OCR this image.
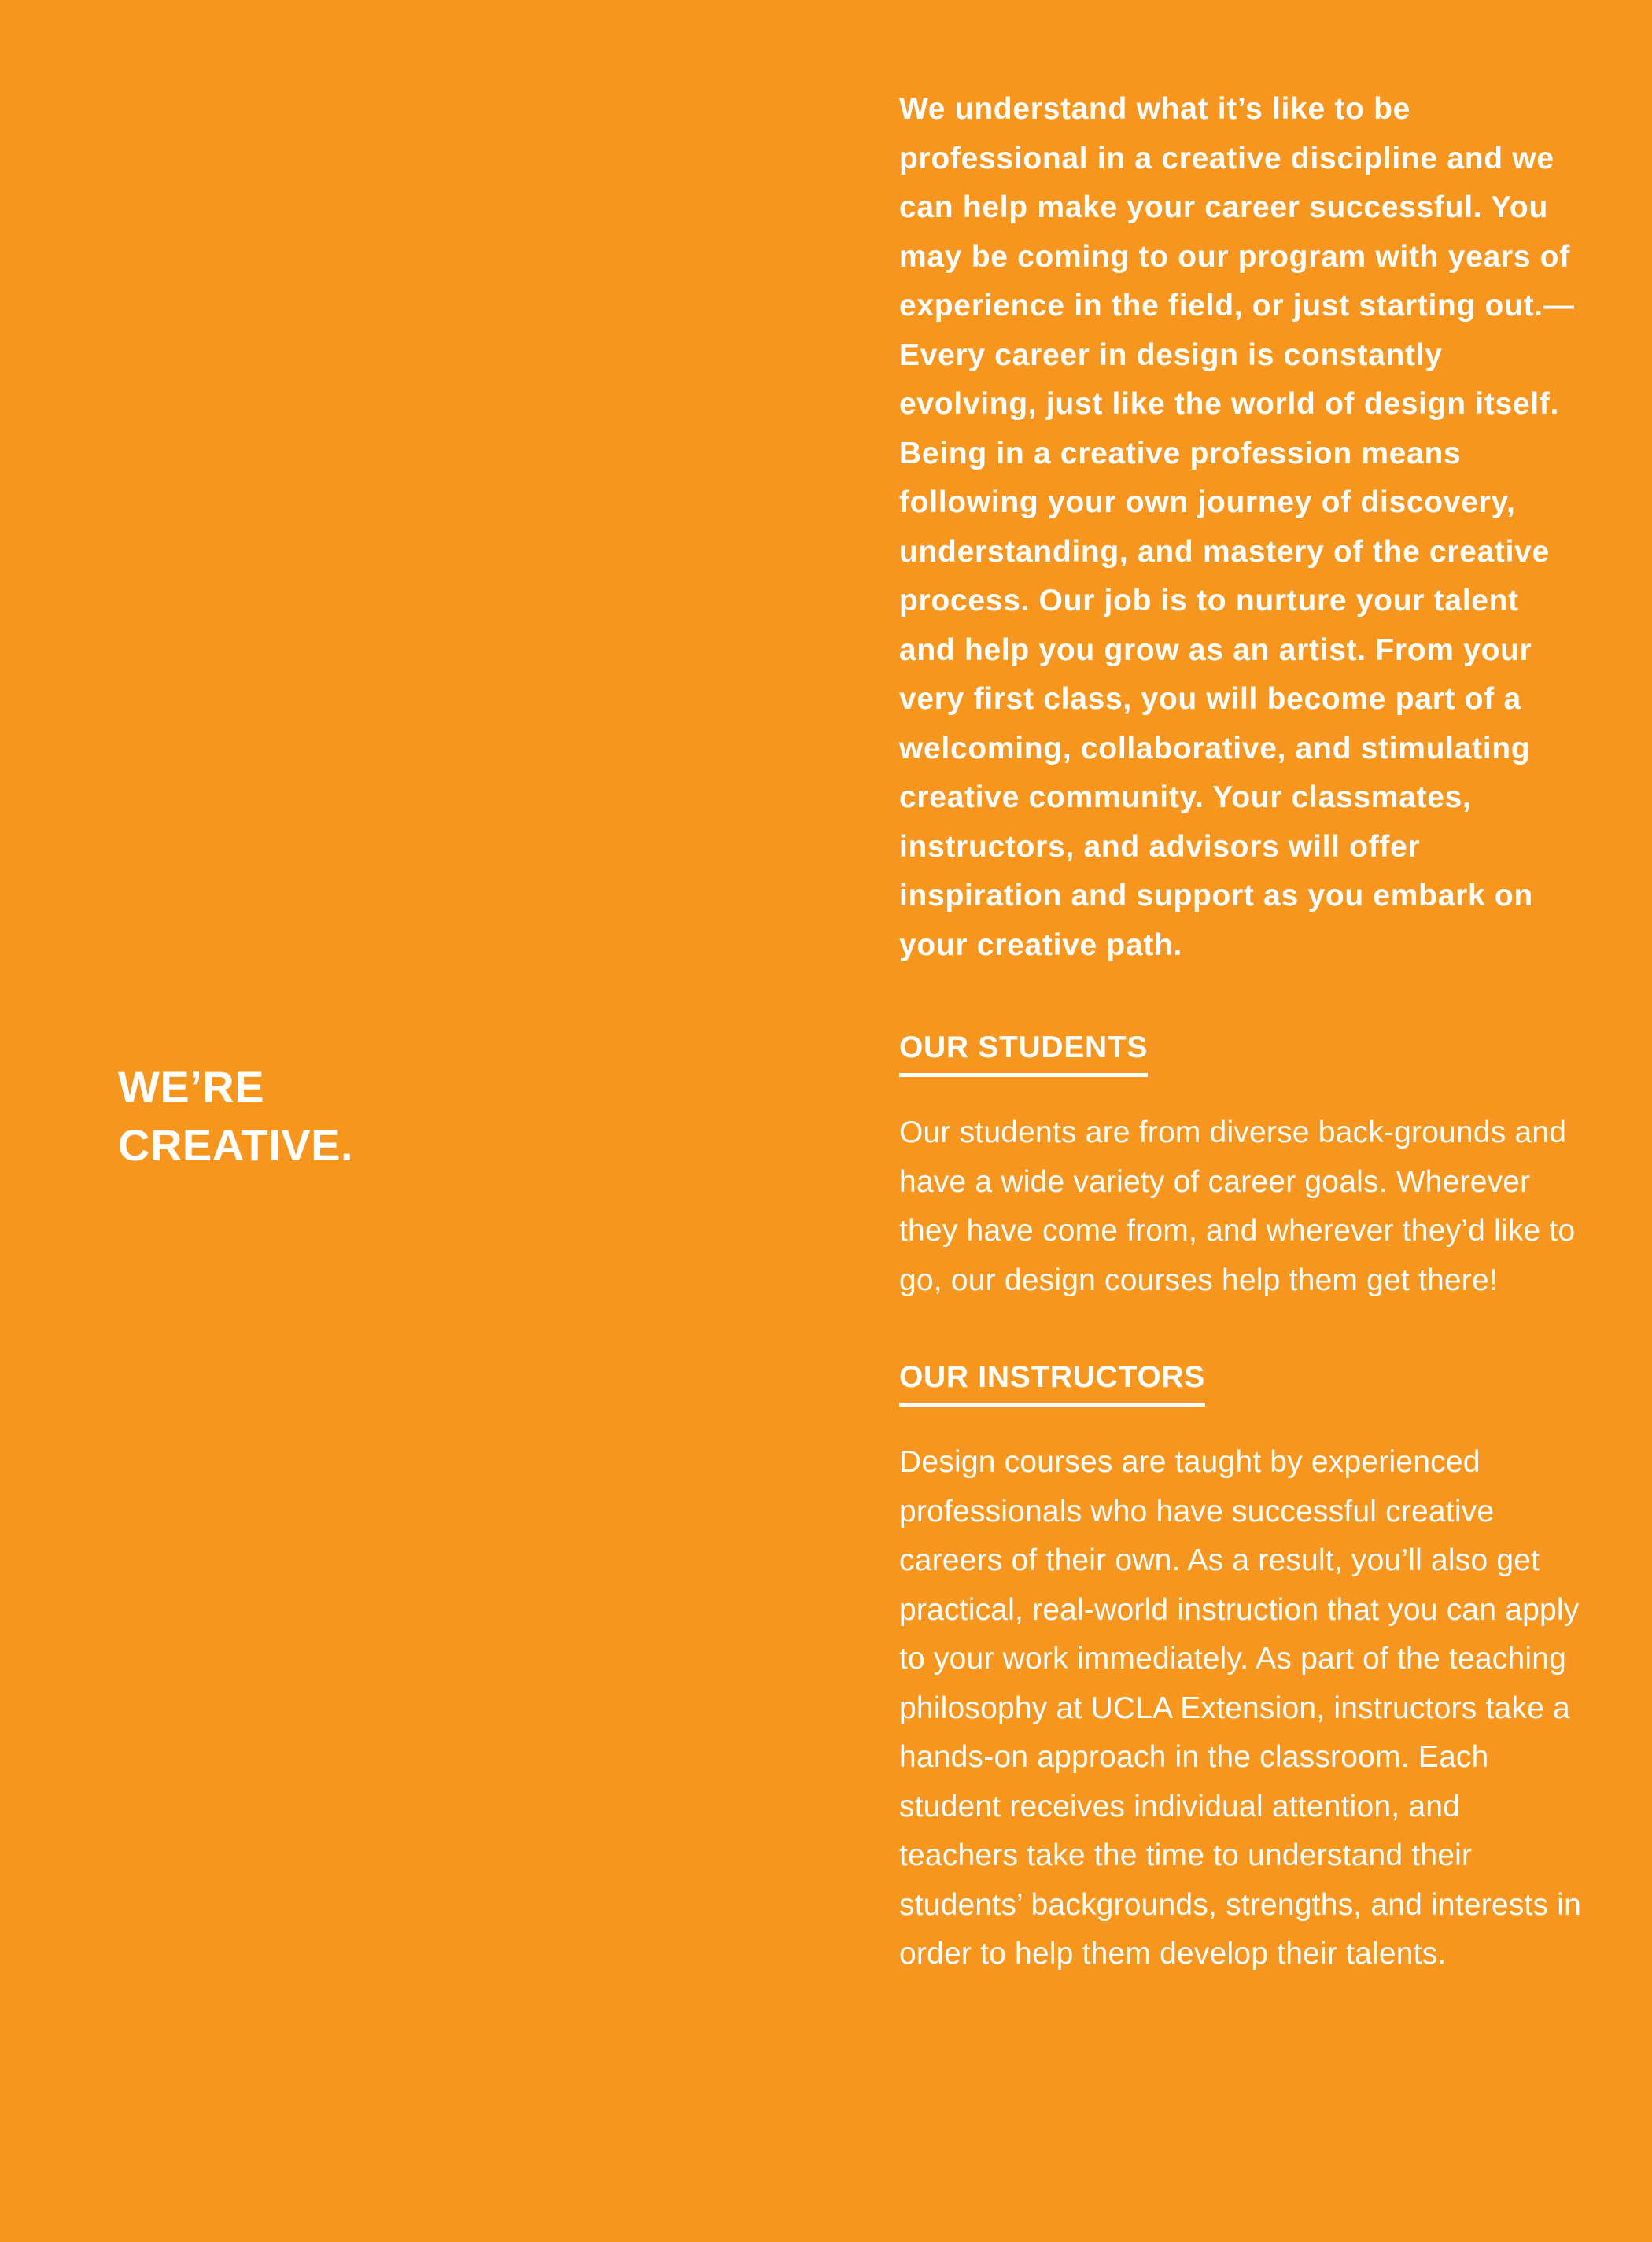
WE’RE
CREATIVE.

We understand what it’s like to be professional in a creative discipline and we can help make your career successful. You may be coming to our program with years of experience in the field, or just starting out.—Every career in design is constantly evolving, just like the world of design itself. Being in a creative profession means following your own journey of discovery, understanding, and mastery of the creative process. Our job is to nurture your talent and help you grow as an artist. From your very first class, you will become part of a welcoming, collaborative, and stimulating creative community. Your classmates, instructors, and advisors will offer inspiration and support as you embark on your creative path.

OUR STUDENTS

Our students are from diverse back-grounds and have a wide variety of career goals. Wherever they have come from, and wherever they’d like to go, our design courses help them get there!

OUR INSTRUCTORS

Design courses are taught by experienced professionals who have successful creative careers of their own. As a result, you’ll also get practical, real-world instruction that you can apply to your work immediately. As part of the teaching philosophy at UCLA Extension, instructors take a hands-on approach in the classroom. Each student receives individual attention, and teachers take the time to understand their students’ backgrounds, strengths, and interests in order to help them develop their talents.
